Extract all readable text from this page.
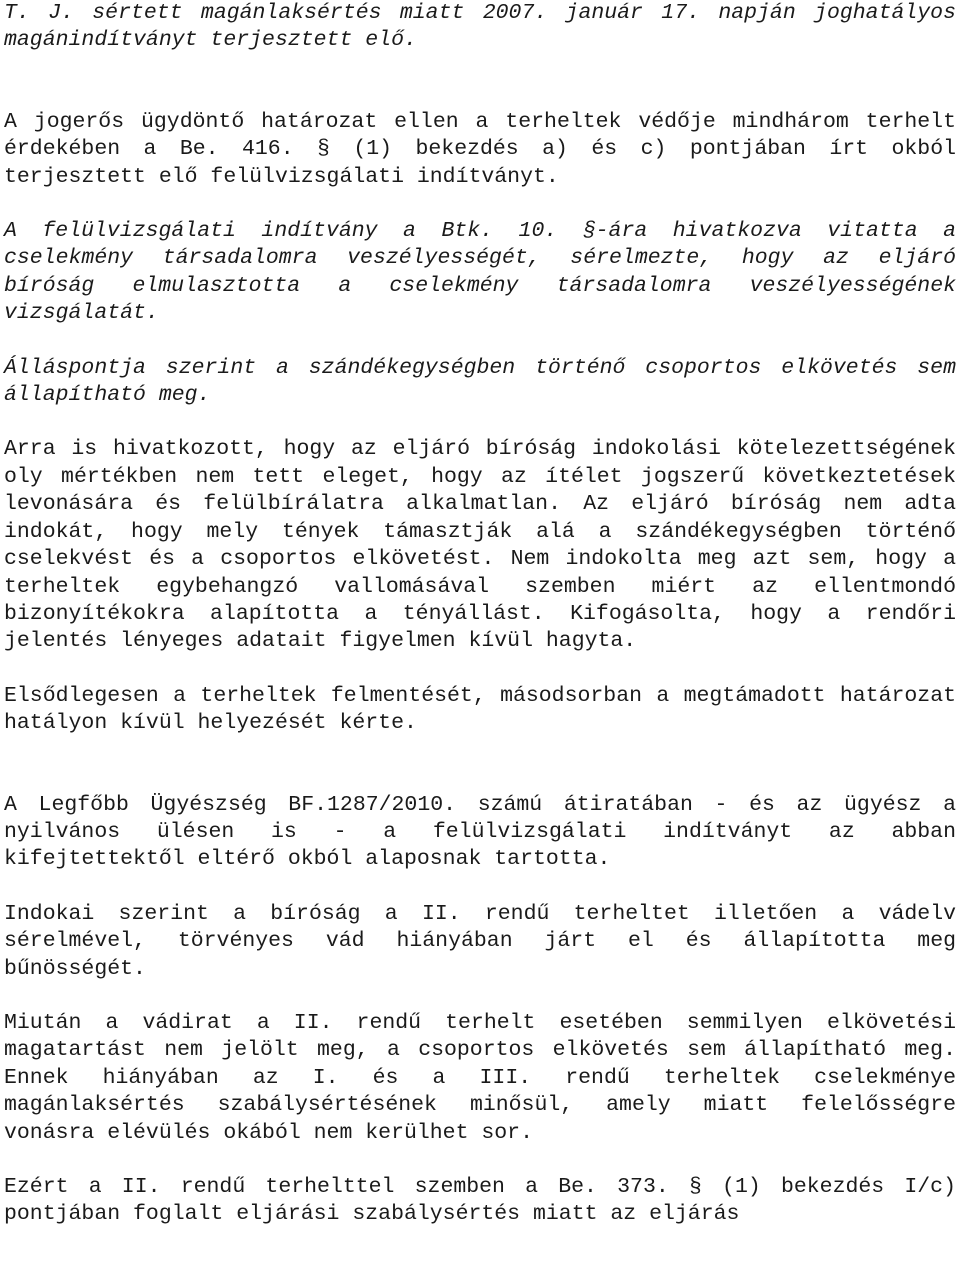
T. J. sértett magánlaksértés miatt 2007. január 17. napján joghatályos magánindítványt terjesztett elő.

A jogerős ügydöntő határozat ellen a terheltek védője mindhárom terhelt érdekében a Be. 416. § (1) bekezdés a) és c) pontjában írt okból terjesztett elő felülvizsgálati indítványt.

A felülvizsgálati indítvány a Btk. 10. §-ára hivatkozva vitatta a cselekmény társadalomra veszélyességét, sérelmezte, hogy az eljáró bíróság elmulasztotta a cselekmény társadalomra veszélyességének vizsgálatát.

Álláspontja szerint a szándékegységben történő csoportos elkövetés sem állapítható meg.

Arra is hivatkozott, hogy az eljáró bíróság indokolási kötelezettségének oly mértékben nem tett eleget, hogy az ítélet jogszerű következtetések levonására és felülbírálatra alkalmatlan. Az eljáró bíróság nem adta indokát, hogy mely tények támasztják alá a szándékegységben történő cselekvést és a csoportos elkövetést. Nem indokolta meg azt sem, hogy a terheltek egybehangzó vallomásával szemben miért az ellentmondó bizonyítékokra alapította a tényállást. Kifogásolta, hogy a rendőri jelentés lényeges adatait figyelmen kívül hagyta.

Elsődlegesen a terheltek felmentését, másodsorban a megtámadott határozat hatályon kívül helyezését kérte.

A Legfőbb Ügyészség BF.1287/2010. számú átiratában - és az ügyész a nyilvános ülésen is - a felülvizsgálati indítványt az abban kifejtettektől eltérő okból alaposnak tartotta.

Indokai szerint a bíróság a II. rendű terheltet illetően a vádelv sérelmével, törvényes vád hiányában járt el és állapította meg bűnösségét.

Miután a vádirat a II. rendű terhelt esetében semmilyen elkövetési magatartást nem jelölt meg, a csoportos elkövetés sem állapítható meg. Ennek hiányában az I. és a III. rendű terheltek cselekménye magánlaksértés szabálysértésének minősül, amely miatt felelősségre vonásra elévülés okából nem kerülhet sor.

Ezért a II. rendű terhelttel szemben a Be. 373. § (1) bekezdés I/c) pontjában foglalt eljárási szabálysértés miatt az eljárás
